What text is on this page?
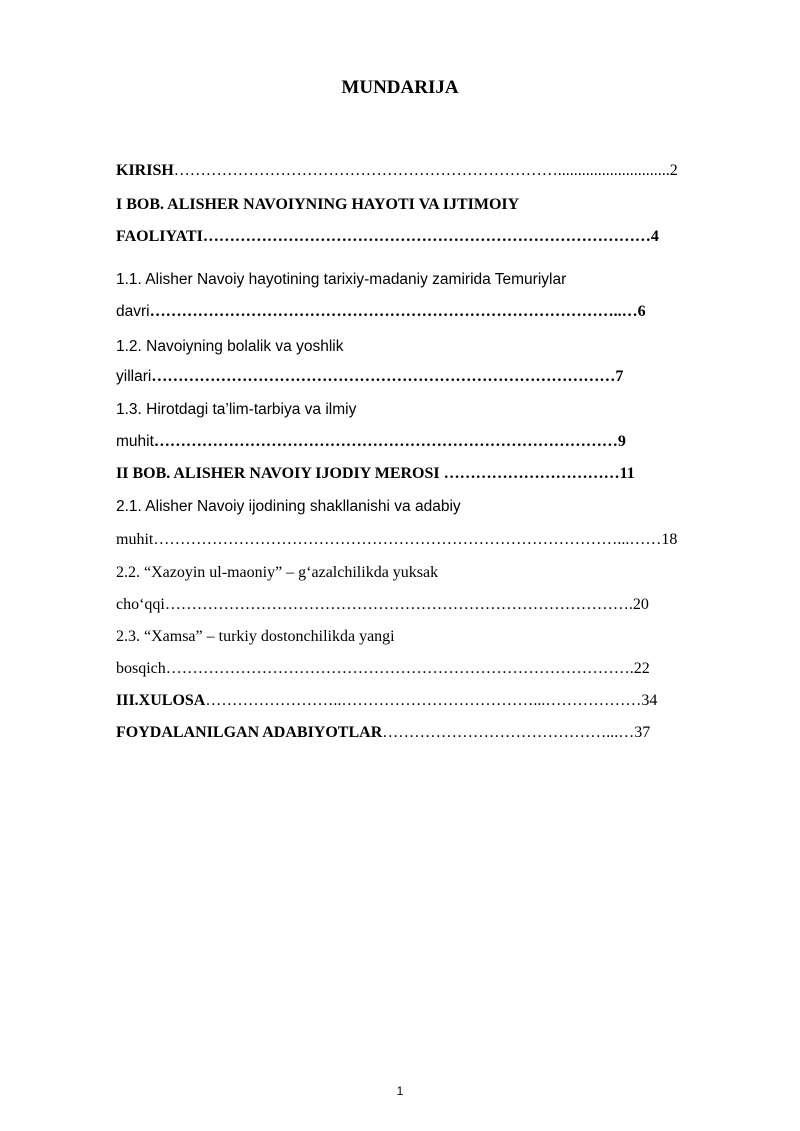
MUNDARIJA
KIRISH………………………………………………………………............................2
I BOB. ALISHER NAVOIYNING HAYOTI VA IJTIMOIY
FAOLIYATI…………………………………………………………………………4
1.1. Alisher Navoiy hayotining tarixiy-madaniy zamirida Temuriylar
davri……………………………………………………………………………..…6
1.2. Navoiyning bolalik va yoshlik
yillari……………………………………………………………………………7
1.3. Hirotdagi ta’lim-tarbiya va ilmiy
muhit……………………………………………………………………………9
II BOB. ALISHER NAVOIY IJODIY MEROSI ……………………………11
2.1. Alisher Navoiy ijodining shakllanishi va adabiy
muhit……………………………………………………………………………...……18
2.2. “Xazoyin ul-maoniy” – g‘azalchilikda yuksak
cho‘qqi…………………………………………………………………………….20
2.3. “Xamsa” – turkiy dostonchilikda yangi
bosqich…………………………………………………………………………….22
III.XULOSA……………………..………………………………...………………34
FOYDALANILGAN ADABIYOTLAR……………………………………...…37
1
